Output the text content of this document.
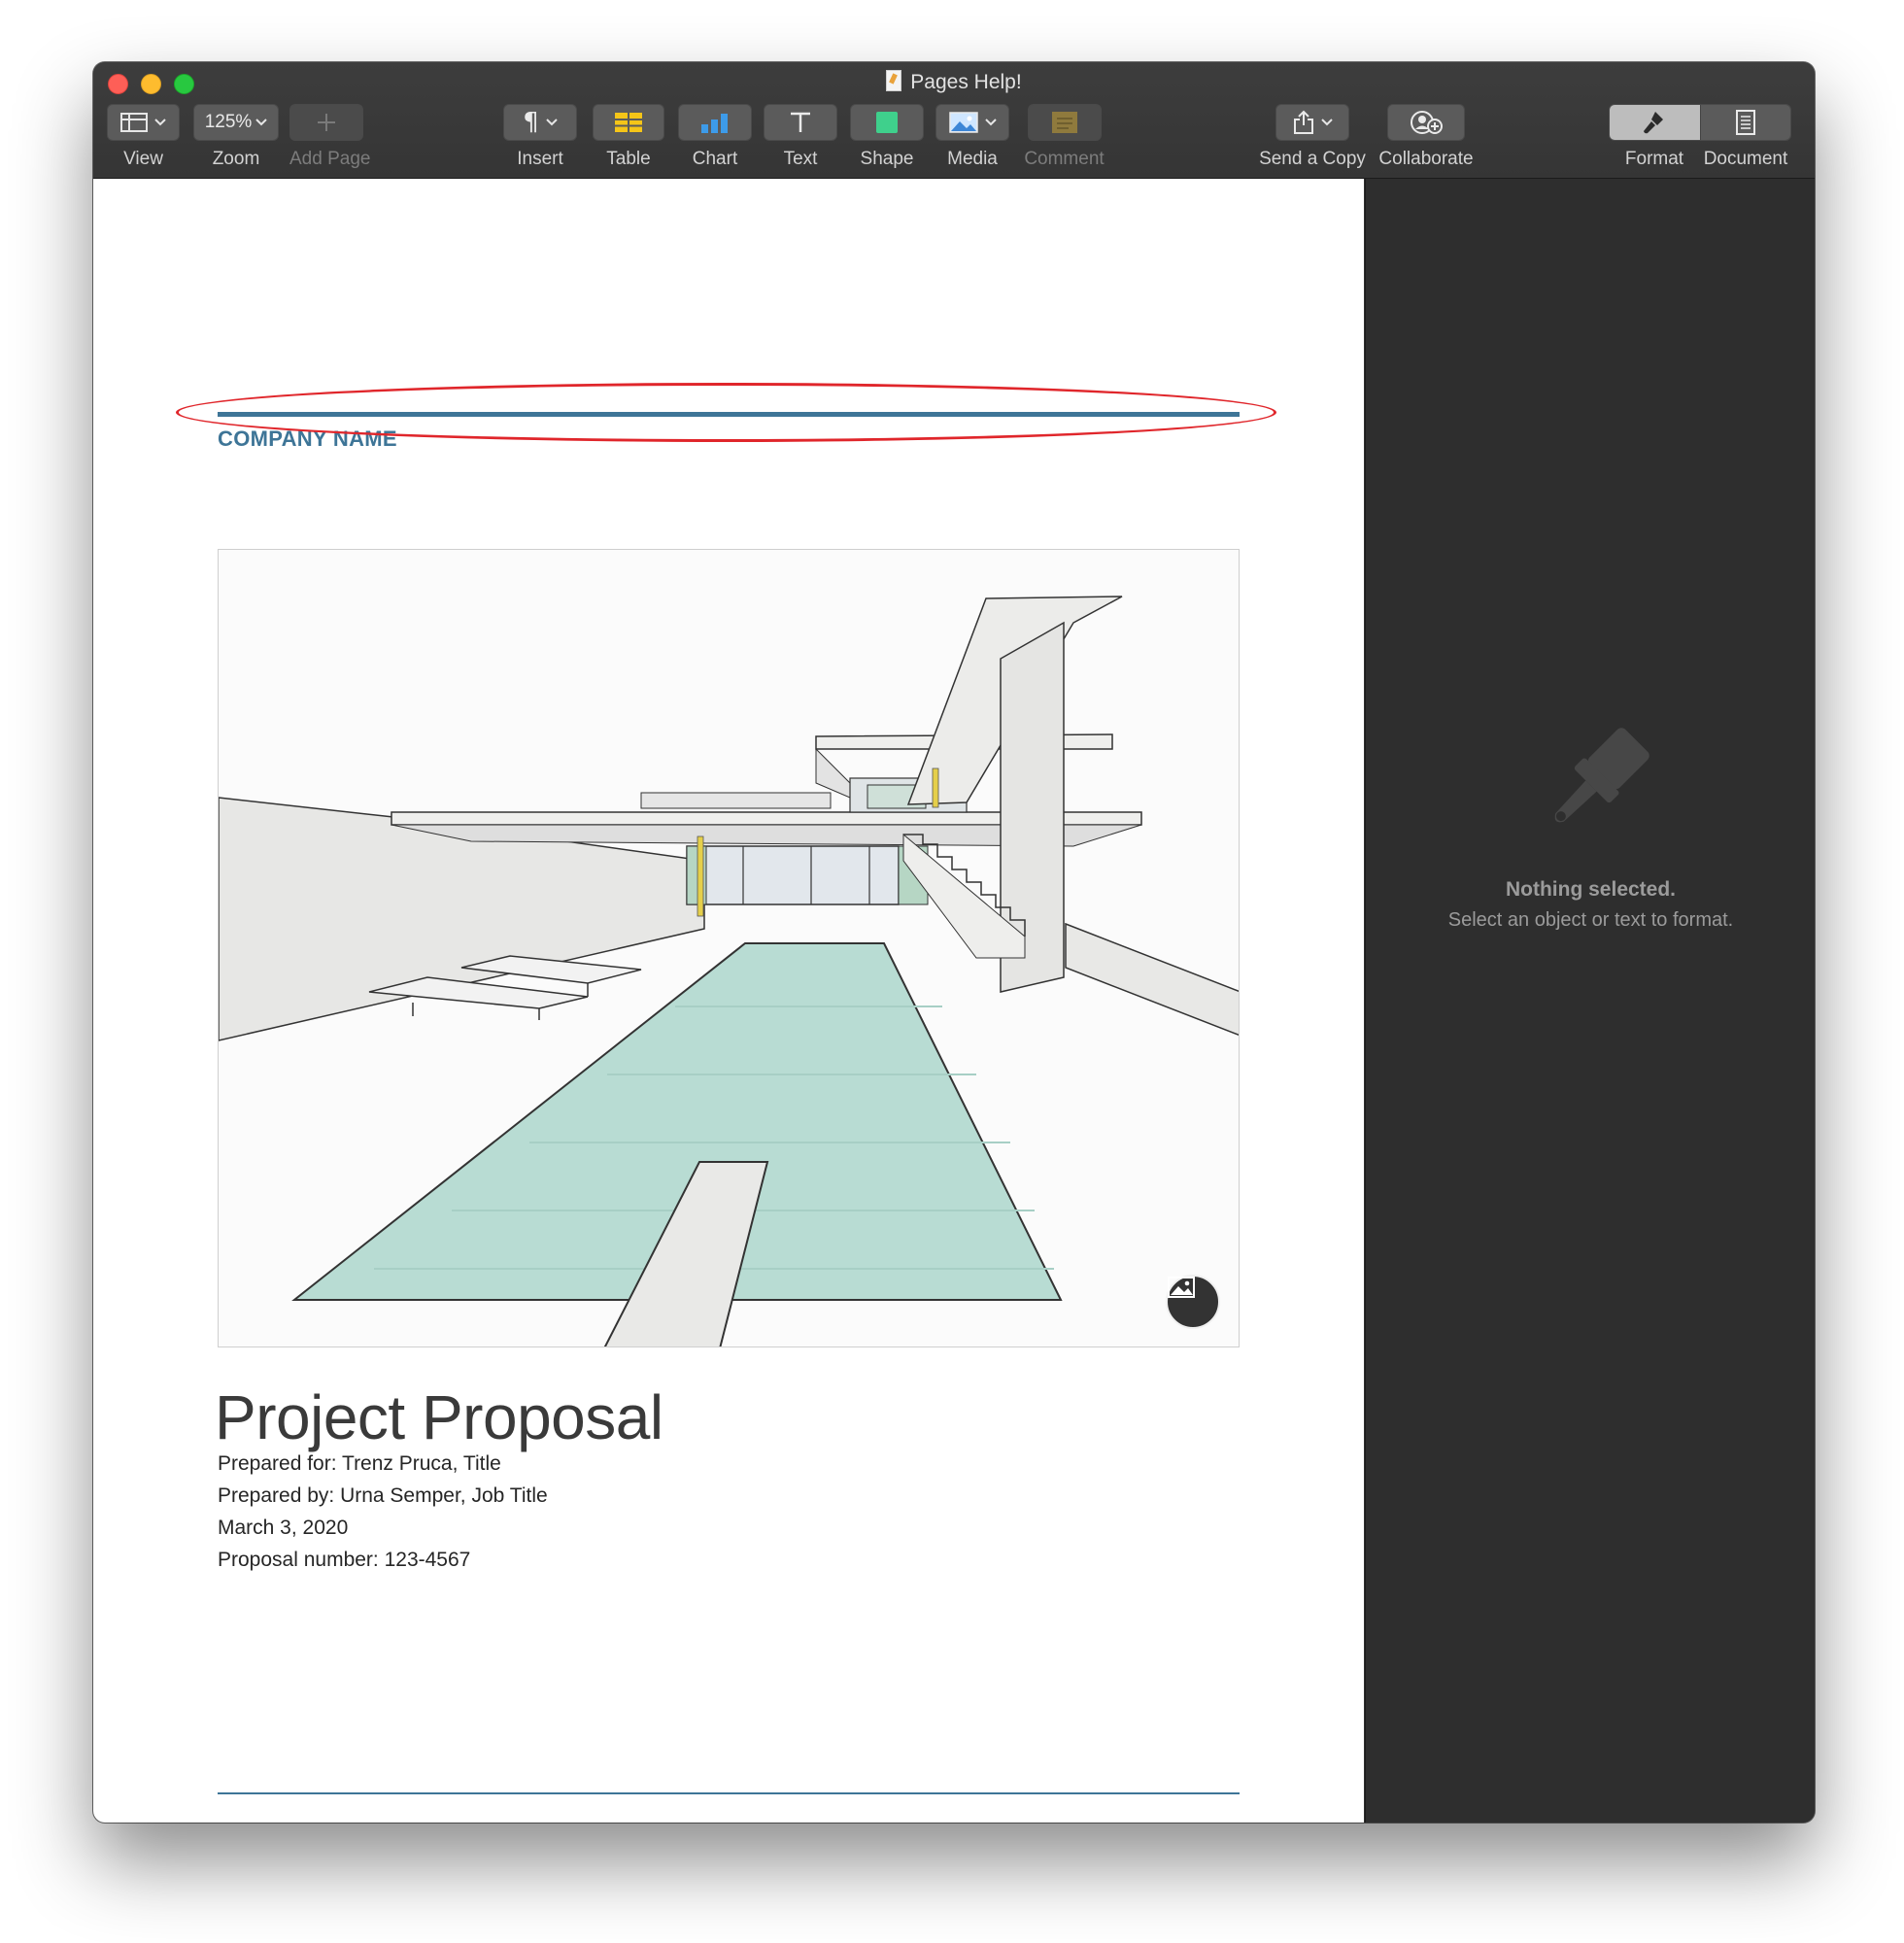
Pages Help!
View
125%
Zoom	Add Page
¶
Insert	Table	Chart	Text	Shape	Media	Comment	Send a Copy Collaborate	Format	Document
COMPANY NAME
Project Proposal
Prepared for: Trenz Pruca, Title
Prepared by: Urna Semper, Job Title
March 3, 2020
Proposal number: 123-4567
Nothing selected.
Select an object or text to format.
